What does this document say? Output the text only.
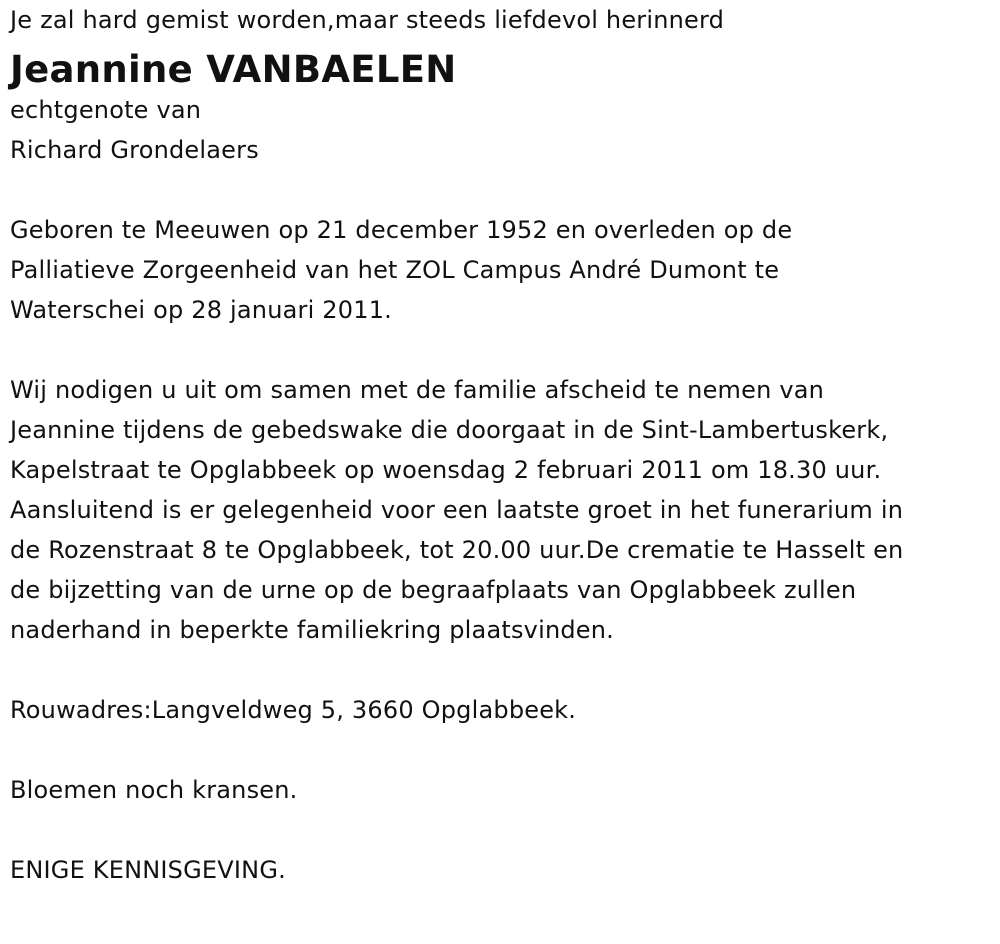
Je zal hard gemist worden,maar steeds liefdevol herinnerd
Jeannine VANBAELEN
echtgenote van
Richard Grondelaers
Geboren te Meeuwen op 21 december 1952 en overleden op de
Palliatieve Zorgeenheid van het ZOL Campus André Dumont te
Waterschei op 28 januari 2011.
Wij nodigen u uit om samen met de familie afscheid te nemen van
Jeannine tijdens de gebedswake die doorgaat in de Sint-Lambertuskerk,
Kapelstraat te Opglabbeek op woensdag 2 februari 2011 om 18.30 uur.
Aansluitend is er gelegenheid voor een laatste groet in het funerarium in
de Rozenstraat 8 te Opglabbeek, tot 20.00 uur.De crematie te Hasselt en
de bijzetting van de urne op de begraafplaats van Opglabbeek zullen
naderhand in beperkte familiekring plaatsvinden.
Rouwadres:Langveldweg 5, 3660 Opglabbeek.
Bloemen noch kransen.
ENIGE KENNISGEVING.
